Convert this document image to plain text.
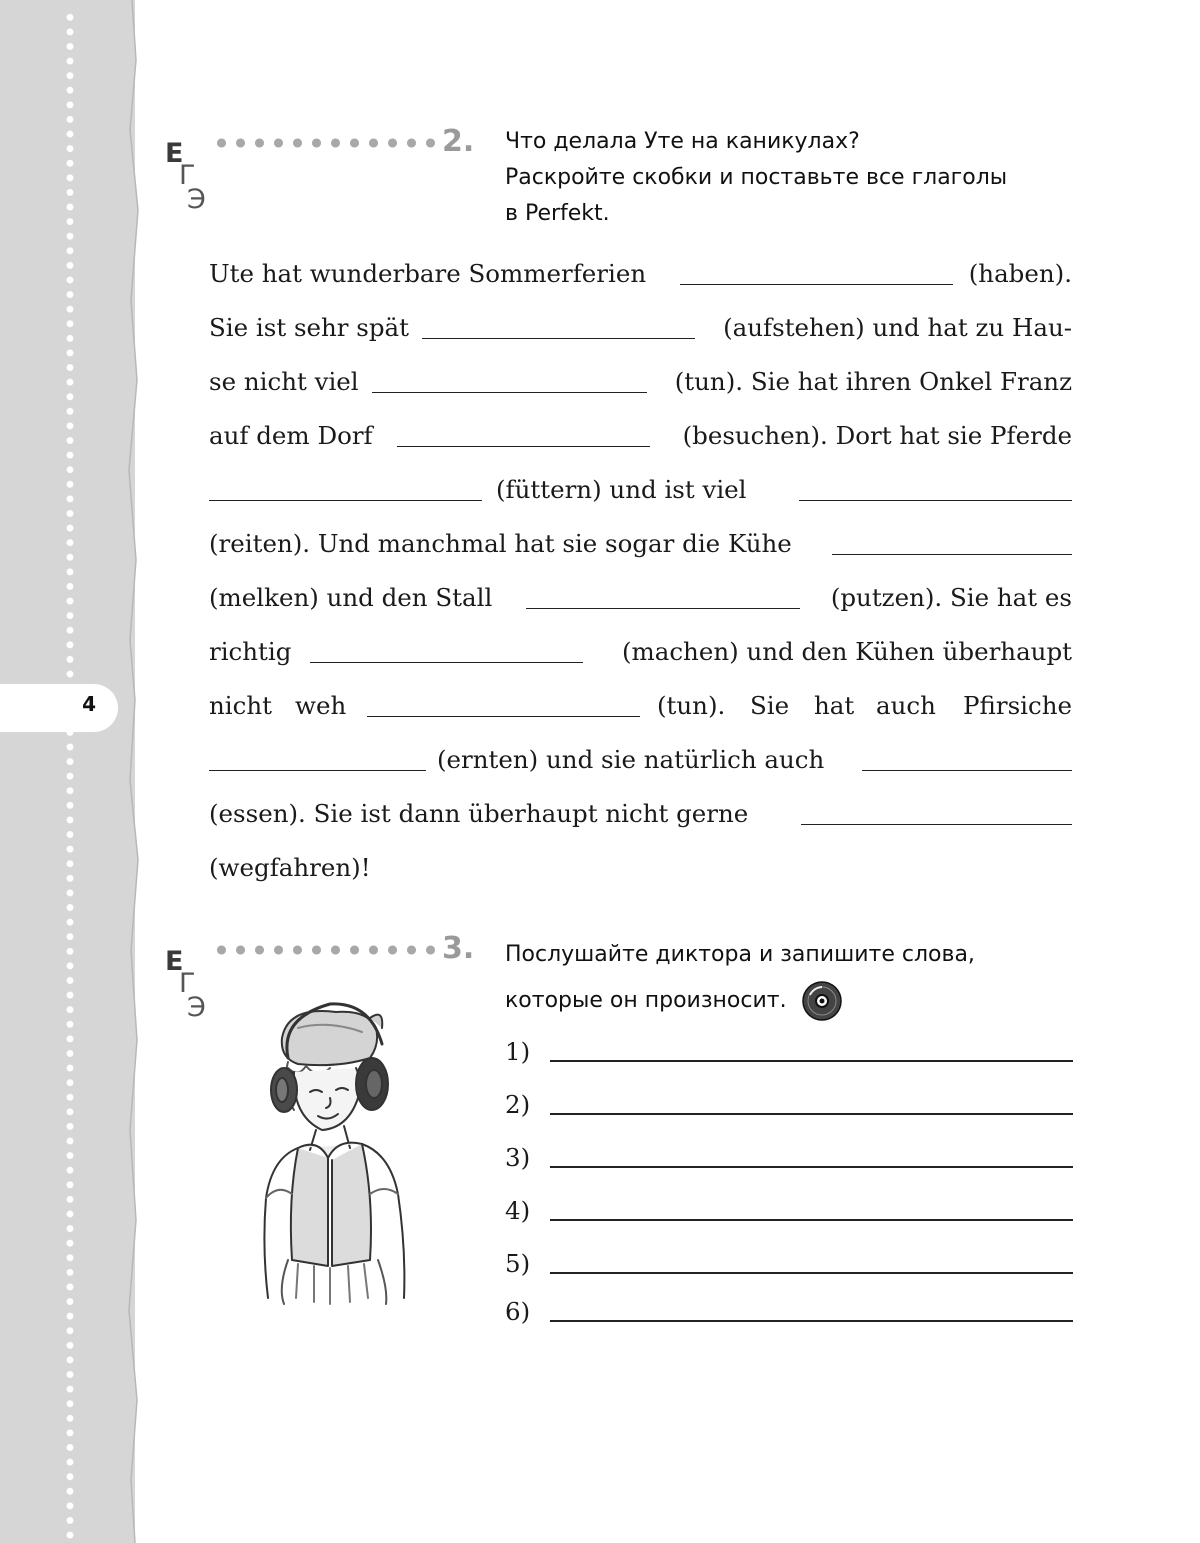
4
Е
Г
Э
2. Что делала Уте на каникулах?
Раскройте скобки и поставьте все глаголы
в Perfekt.
Ute hat wunderbare Sommerferien	(haben).
Sie ist sehr spät	(aufstehen) und hat zu Hau-
se nicht viel	(tun). Sie hat ihren Onkel Franz
auf dem Dorf	(besuchen). Dort hat sie Pferde
(füttern) und ist viel
(reiten). Und manchmal hat sie sogar die Kühe
(melken) und den Stall	(putzen). Sie hat es
richtig	(machen) und den Kühen überhaupt
nicht weh	(tun). Sie hat auch Pfirsiche
(ernten) und sie natürlich auch
(essen). Sie ist dann überhaupt nicht gerne
(wegfahren)!
Е
Г
Э
3. Послушайте диктора и запишите слова,
которые он произносит.
1)
2)
3)
4)
5)
6)
